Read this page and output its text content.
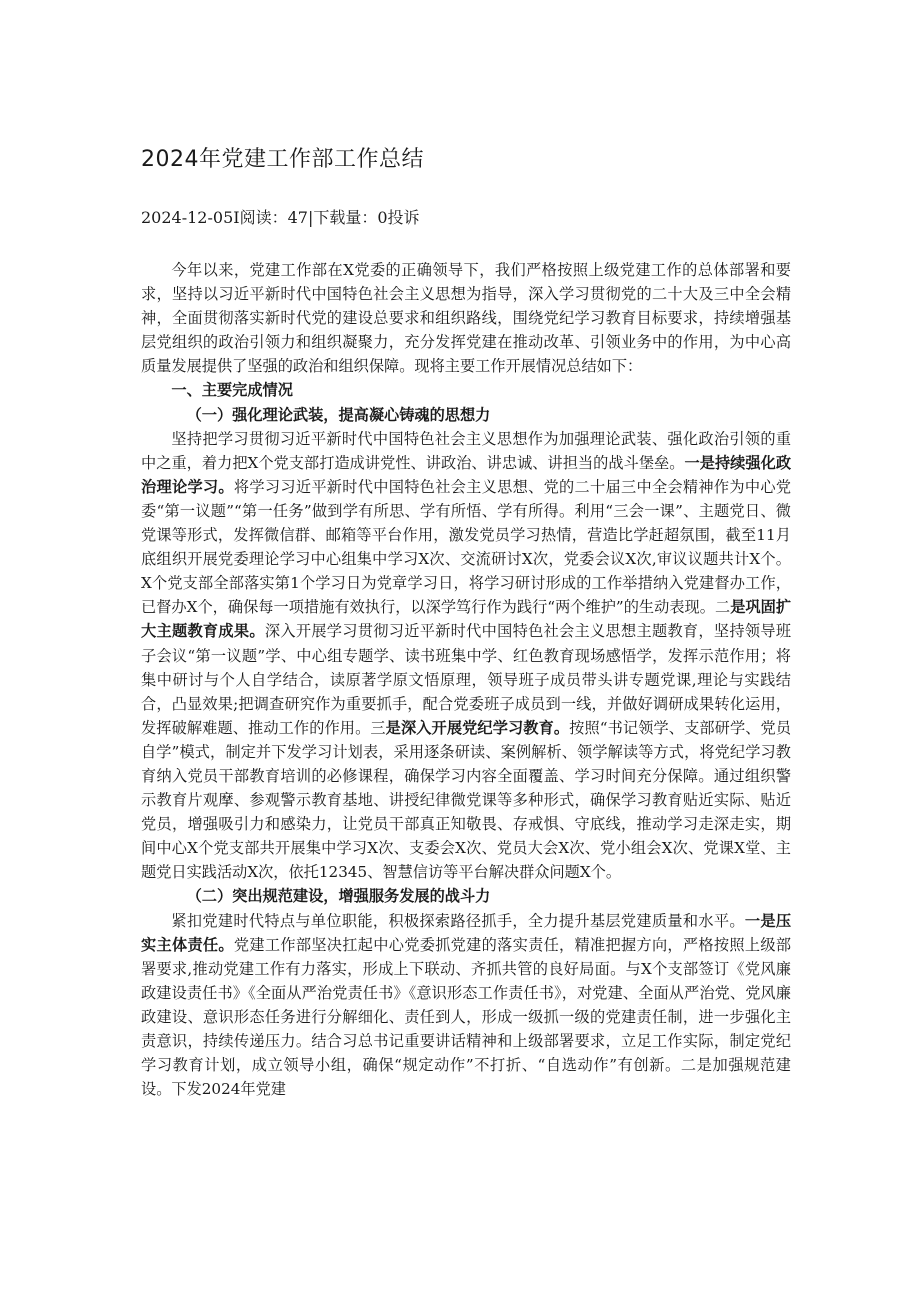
2024年党建工作部工作总结
2024-12-05I阅读：47|下载量：0投诉

今年以来，党建工作部在X党委的正确领导下，我们严格按照上级党建工作的总体部署和要求，坚持以习近平新时代中国特色社会主义思想为指导，深入学习贯彻党的二十大及三中全会精神，全面贯彻落实新时代党的建设总要求和组织路线，围绕党纪学习教育目标要求，持续增强基层党组织的政治引领力和组织凝聚力，充分发挥党建在推动改革、引领业务中的作用，为中心高质量发展提供了坚强的政治和组织保障。现将主要工作开展情况总结如下：

一、主要完成情况

（一）强化理论武装，提高凝心铸魂的思想力

坚持把学习贯彻习近平新时代中国特色社会主义思想作为加强理论武装、强化政治引领的重中之重，着力把X个党支部打造成讲党性、讲政治、讲忠诚、讲担当的战斗堡垒。一是持续强化政治理论学习。将学习习近平新时代中国特色社会主义思想、党的二十届三中全会精神作为中心党委“第一议题”“第一任务”做到学有所思、学有所悟、学有所得。利用“三会一课”、主题党日、微党课等形式，发挥微信群、邮箱等平台作用，激发党员学习热情，营造比学赶超氛围，截至11月底组织开展党委理论学习中心组集中学习X次、交流研讨X次，党委会议X次,审议议题共计X个。X个党支部全部落实第1个学习日为党章学习日，将学习研讨形成的工作举措纳入党建督办工作，已督办X个，确保每一项措施有效执行，以深学笃行作为践行“两个维护”的生动表现。二是巩固扩大主题教育成果。深入开展学习贯彻习近平新时代中国特色社会主义思想主题教育，坚持领导班子会议“第一议题”学、中心组专题学、读书班集中学、红色教育现场感悟学，发挥示范作用；将集中研讨与个人自学结合，读原著学原文悟原理，领导班子成员带头讲专题党课,理论与实践结合，凸显效果;把调查研究作为重要抓手，配合党委班子成员到一线，并做好调研成果转化运用，发挥破解难题、推动工作的作用。三是深入开展党纪学习教育。按照“书记领学、支部研学、党员自学”模式，制定并下发学习计划表，采用逐条研读、案例解析、领学解读等方式，将党纪学习教育纳入党员干部教育培训的必修课程，确保学习内容全面覆盖、学习时间充分保障。通过组织警示教育片观摩、参观警示教育基地、讲授纪律微党课等多种形式，确保学习教育贴近实际、贴近党员，增强吸引力和感染力，让党员干部真正知敬畏、存戒惧、守底线，推动学习走深走实，期间中心X个党支部共开展集中学习X次、支委会X次、党员大会X次、党小组会X次、党课X堂、主题党日实践活动X次，依托12345、智慧信访等平台解决群众问题X个。

（二）突出规范建设，增强服务发展的战斗力

紧扣党建时代特点与单位职能，积极探索路径抓手，全力提升基层党建质量和水平。一是压实主体责任。党建工作部坚决扛起中心党委抓党建的落实责任，精准把握方向，严格按照上级部署要求,推动党建工作有力落实，形成上下联动、齐抓共管的良好局面。与X个支部签订《党风廉政建设责任书》《全面从严治党责任书》《意识形态工作责任书》，对党建、全面从严治党、党风廉政建设、意识形态任务进行分解细化、责任到人，形成一级抓一级的党建责任制，进一步强化主责意识，持续传递压力。结合习总书记重要讲话精神和上级部署要求，立足工作实际，制定党纪学习教育计划，成立领导小组，确保“规定动作”不打折、“自选动作”有创新。二是加强规范建设。下发2024年党建
